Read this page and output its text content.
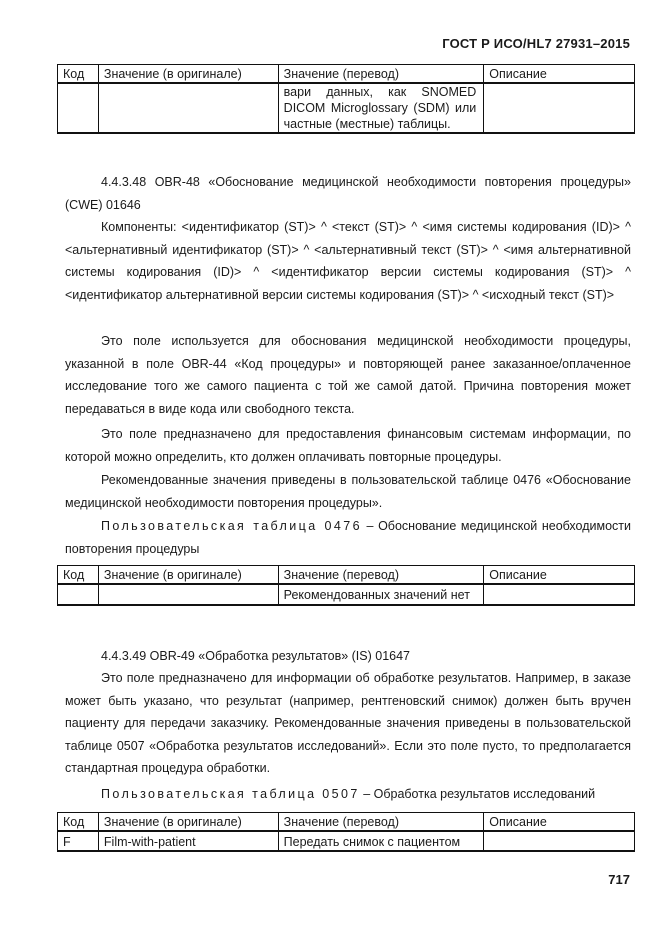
ГОСТ Р ИСО/HL7 27931–2015
Код	Значение (в оригинале)	Значение (перевод)	Описание
		вари данных, как SNOMED DICOM Microglossary (SDM) или частные (местные) таблицы.	

4.4.3.48 OBR-48 «Обоснование медицинской необходимости повторения процедуры» (CWE) 01646

Компоненты: <идентификатор (ST)> ^ <текст (ST)> ^ <имя системы кодирования (ID)> ^ <альтернативный идентификатор (ST)> ^ <альтернативный текст (ST)> ^ <имя альтернативной системы кодирования (ID)> ^ <идентификатор версии системы кодирования (ST)> ^ <идентификатор альтернативной версии системы кодирования (ST)> ^ <исходный текст (ST)>

Это поле используется для обоснования медицинской необходимости процедуры, указанной в поле OBR-44 «Код процедуры» и повторяющей ранее заказанное/оплаченное исследование того же самого пациента с той же самой датой. Причина повторения может передаваться в виде кода или свободного текста.

Это поле предназначено для предоставления финансовым системам информации, по которой можно определить, кто должен оплачивать повторные процедуры.

Рекомендованные значения приведены в пользовательской таблице 0476 «Обоснование медицинской необходимости повторения процедуры».

Пользовательская таблица 0476 – Обоснование медицинской необходимости повторения процедуры

Код	Значение (в оригинале)	Значение (перевод)	Описание
		Рекомендованных значений нет	

4.4.3.49 OBR-49 «Обработка результатов» (IS) 01647

Это поле предназначено для информации об обработке результатов. Например, в заказе может быть указано, что результат (например, рентгеновский снимок) должен быть вручен пациенту для передачи заказчику. Рекомендованные значения приведены в пользовательской таблице 0507 «Обработка результатов исследований». Если это поле пусто, то предполагается стандартная процедура обработки.

Пользовательская таблица 0507 – Обработка результатов исследований

Код	Значение (в оригинале)	Значение (перевод)	Описание
F	Film-with-patient	Передать снимок с пациентом	
717
